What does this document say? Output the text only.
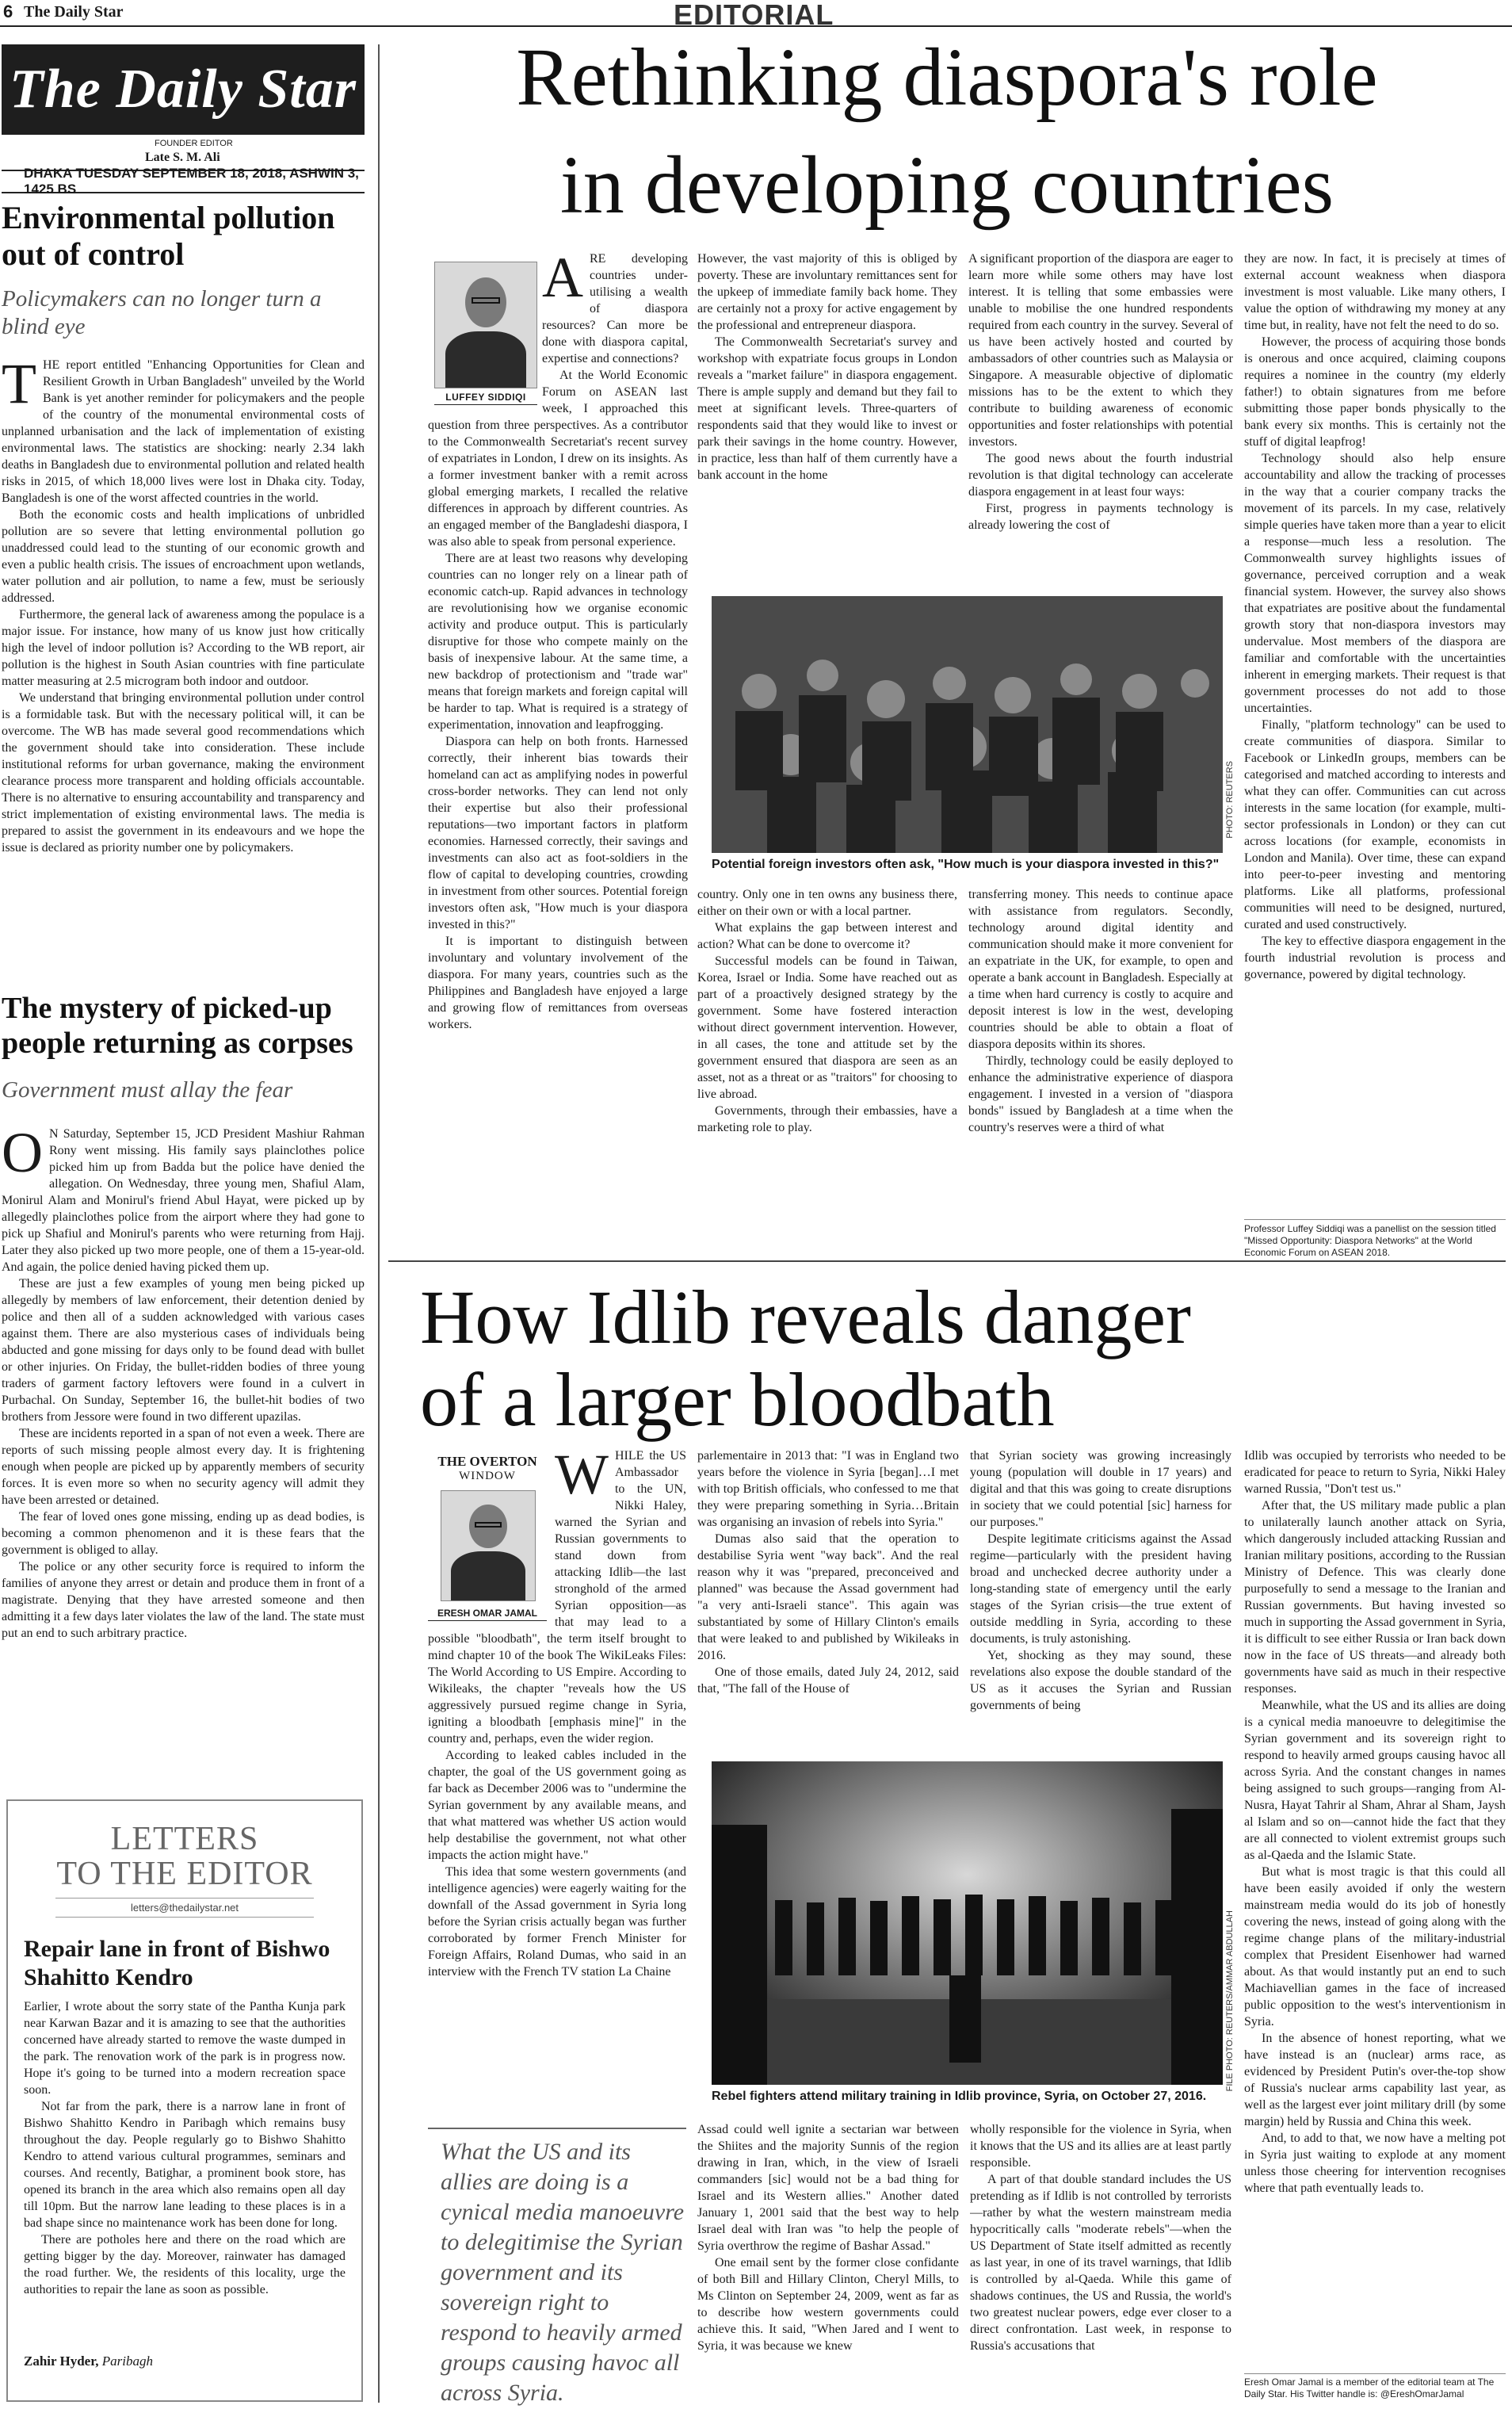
6 The Daily Star	EDITORIAL
The Daily Star
FOUNDER EDITOR
Late S. M. Ali
DHAKA TUESDAY SEPTEMBER 18, 2018, ASHWIN 3, 1425 BS
Environmental pollution out of control
Policymakers can no longer turn a blind eye
T HE report entitled "Enhancing Opportunities for Clean and Resilient Growth in Urban Bangladesh" unveiled by the World Bank is yet another reminder for policymakers and the people of the country of the monumental environmental costs of unplanned urbanisation and the lack of implementation of existing environmental laws. The statistics are shocking: nearly 2.34 lakh deaths in Bangladesh due to environmental pollution and related health risks in 2015, of which 18,000 lives were lost in Dhaka city. Today, Bangladesh is one of the worst affected countries in the world.

Both the economic costs and health implications of unbridled pollution are so severe that letting environmental pollution go unaddressed could lead to the stunting of our economic growth and even a public health crisis. The issues of encroachment upon wetlands, water pollution and air pollution, to name a few, must be seriously addressed.

Furthermore, the general lack of awareness among the populace is a major issue. For instance, how many of us know just how critically high the level of indoor pollution is? According to the WB report, air pollution is the highest in South Asian countries with fine particulate matter measuring at 2.5 microgram both indoor and outdoor.

We understand that bringing environmental pollution under control is a formidable task. But with the necessary political will, it can be overcome. The WB has made several good recommendations which the government should take into consideration. These include institutional reforms for urban governance, making the environment clearance process more transparent and holding officials accountable. There is no alternative to ensuring accountability and transparency and strict implementation of existing environmental laws. The media is prepared to assist the government in its endeavours and we hope the issue is declared as priority number one by policymakers.

The mystery of picked-up people returning as corpses
Government must allay the fear
O N Saturday, September 15, JCD President Mashiur Rahman Rony went missing. His family says plainclothes police picked him up from Badda but the police have denied the allegation. On Wednesday, three young men, Shafiul Alam, Monirul Alam and Monirul's friend Abul Hayat, were picked up by allegedly plainclothes police from the airport where they had gone to pick up Shafiul and Monirul's parents who were returning from Hajj. Later they also picked up two more people, one of them a 15-year-old. And again, the police denied having picked them up.

These are just a few examples of young men being picked up allegedly by members of law enforcement, their detention denied by police and then all of a sudden acknowledged with various cases against them. There are also mysterious cases of individuals being abducted and gone missing for days only to be found dead with bullet or other injuries. On Friday, the bullet-ridden bodies of three young traders of garment factory leftovers were found in a culvert in Purbachal. On Sunday, September 16, the bullet-hit bodies of two brothers from Jessore were found in two different upazilas.

These are incidents reported in a span of not even a week. There are reports of such missing people almost every day. It is frightening enough when people are picked up by apparently members of security forces. It is even more so when no security agency will admit they have been arrested or detained.

The fear of loved ones gone missing, ending up as dead bodies, is becoming a common phenomenon and it is these fears that the government is obliged to allay.

The police or any other security force is required to inform the families of anyone they arrest or detain and produce them in front of a magistrate. Denying that they have arrested someone and then admitting it a few days later violates the law of the land. The state must put an end to such arbitrary practice.

LETTERS
TO THE EDITOR
letters@thedailystar.net
Repair lane in front of Bishwo Shahitto Kendro

Earlier, I wrote about the sorry state of the Pantha Kunja park near Karwan Bazar and it is amazing to see that the authorities concerned have already started to remove the waste dumped in the park. The renovation work of the park is in progress now. Hope it's going to be turned into a modern recreation space soon.

Not far from the park, there is a narrow lane in front of Bishwo Shahitto Kendro in Paribagh which remains busy throughout the day. People regularly go to Bishwo Shahitto Kendro to attend various cultural programmes, seminars and courses. And recently, Batighar, a prominent book store, has opened its branch in the area which also remains open all day till 10pm. But the narrow lane leading to these places is in a bad shape since no maintenance work has been done for long.

There are potholes here and there on the road which are getting bigger by the day. Moreover, rainwater has damaged the road further. We, the residents of this locality, urge the authorities to repair the lane as soon as possible.

Zahir Hyder, Paribagh
Rethinking diaspora's role
in developing countries
LUFFEY SIDDIQI
A RE developing countries under-utilising a wealth of diaspora resources? Can more be done with diaspora capital, expertise and connections?

At the World Economic Forum on ASEAN last week, I approached this question from three perspectives. As a contributor to the Commonwealth Secretariat's recent survey of expatriates in London, I drew on its insights. As a former investment banker with a remit across global emerging markets, I recalled the relative differences in approach by different countries. As an engaged member of the Bangladeshi diaspora, I was also able to speak from personal experience.

There are at least two reasons why developing countries can no longer rely on a linear path of economic catch-up. Rapid advances in technology are revolutionising how we organise economic activity and produce output. This is particularly disruptive for those who compete mainly on the basis of inexpensive labour. At the same time, a new backdrop of protectionism and "trade war" means that foreign markets and foreign capital will be harder to tap. What is required is a strategy of experimentation, innovation and leapfrogging.

Diaspora can help on both fronts. Harnessed correctly, their inherent bias towards their homeland can act as amplifying nodes in powerful cross-border networks. They can lend not only their expertise but also their professional reputations—two important factors in platform economies. Harnessed correctly, their savings and investments can also act as foot-soldiers in the flow of capital to developing countries, crowding in investment from other sources. Potential foreign investors often ask, "How much is your diaspora invested in this?"

It is important to distinguish between involuntary and voluntary involvement of the diaspora. For many years, countries such as the Philippines and Bangladesh have enjoyed a large and growing flow of remittances from overseas workers.

However, the vast majority of this is obliged by poverty. These are involuntary remittances sent for the upkeep of immediate family back home. They are certainly not a proxy for active engagement by the professional and entrepreneur diaspora.

The Commonwealth Secretariat's survey and workshop with expatriate focus groups in London reveals a "market failure" in diaspora engagement. There is ample supply and demand but they fail to meet at significant levels. Three-quarters of respondents said that they would like to invest or park their savings in the home country. However, in practice, less than half of them currently have a bank account in the home

A significant proportion of the diaspora are eager to learn more while some others may have lost interest. It is telling that some embassies were unable to mobilise the one hundred respondents required from each country in the survey. Several of us have been actively hosted and courted by ambassadors of other countries such as Malaysia or Singapore. A measurable objective of diplomatic missions has to be the extent to which they contribute to building awareness of economic opportunities and foster relationships with potential investors.

The good news about the fourth industrial revolution is that digital technology can accelerate diaspora engagement in at least four ways:

First, progress in payments technology is already lowering the cost of

PHOTO: REUTERS
Potential foreign investors often ask, "How much is your diaspora invested in this?"

country. Only one in ten owns any business there, either on their own or with a local partner.

What explains the gap between interest and action? What can be done to overcome it?

Successful models can be found in Taiwan, Korea, Israel or India. Some have reached out as part of a proactively designed strategy by the government. Some have fostered interaction without direct government intervention. However, in all cases, the tone and attitude set by the government ensured that diaspora are seen as an asset, not as a threat or as "traitors" for choosing to live abroad.

Governments, through their embassies, have a marketing role to play.

transferring money. This needs to continue apace with assistance from regulators. Secondly, technology around digital identity and communication should make it more convenient for an expatriate in the UK, for example, to open and operate a bank account in Bangladesh. Especially at a time when hard currency is costly to acquire and deposit interest is low in the west, developing countries should be able to obtain a float of diaspora deposits within its shores.

Thirdly, technology could be easily deployed to enhance the administrative experience of diaspora engagement. I invested in a version of "diaspora bonds" issued by Bangladesh at a time when the country's reserves were a third of what

they are now. In fact, it is precisely at times of external account weakness when diaspora investment is most valuable. Like many others, I value the option of withdrawing my money at any time but, in reality, have not felt the need to do so.

However, the process of acquiring those bonds is onerous and once acquired, claiming coupons requires a nominee in the country (my elderly father!) to obtain signatures from me before submitting those paper bonds physically to the bank every six months. This is certainly not the stuff of digital leapfrog!

Technology should also help ensure accountability and allow the tracking of processes in the way that a courier company tracks the movement of its parcels. In my case, relatively simple queries have taken more than a year to elicit a response—much less a resolution. The Commonwealth survey highlights issues of governance, perceived corruption and a weak financial system. However, the survey also shows that expatriates are positive about the fundamental growth story that non-diaspora investors may undervalue. Most members of the diaspora are familiar and comfortable with the uncertainties inherent in emerging markets. Their request is that government processes do not add to those uncertainties.

Finally, "platform technology" can be used to create communities of diaspora. Similar to Facebook or LinkedIn groups, members can be categorised and matched according to interests and what they can offer. Communities can cut across interests in the same location (for example, multi-sector professionals in London) or they can cut across locations (for example, economists in London and Manila). Over time, these can expand into peer-to-peer investing and mentoring platforms. Like all platforms, professional communities will need to be designed, nurtured, curated and used constructively.

The key to effective diaspora engagement in the fourth industrial revolution is process and governance, powered by digital technology.

Professor Luffey Siddiqi was a panellist on the session titled "Missed Opportunity: Diaspora Networks" at the World Economic Forum on ASEAN 2018.
How Idlib reveals danger
of a larger bloodbath
THE OVERTON
WINDOW
ERESH OMAR JAMAL
W HILE the US Ambassador to the UN, Nikki Haley, warned the Syrian and Russian governments to stand down from attacking Idlib—the last stronghold of the armed Syrian opposition—as that may lead to a possible "bloodbath", the term itself brought to mind chapter 10 of the book The WikiLeaks Files: The World According to US Empire. According to Wikileaks, the chapter "reveals how the US aggressively pursued regime change in Syria, igniting a bloodbath [emphasis mine]" in the country and, perhaps, even the wider region.

According to leaked cables included in the chapter, the goal of the US government going as far back as December 2006 was to "undermine the Syrian government by any available means, and that what mattered was whether US action would help destabilise the government, not what other impacts the action might have."

This idea that some western governments (and intelligence agencies) were eagerly waiting for the downfall of the Assad government in Syria long before the Syrian crisis actually began was further corroborated by former French Minister for Foreign Affairs, Roland Dumas, who said in an interview with the French TV station La Chaine

What the US and its allies are doing is a cynical media manoeuvre to delegitimise the Syrian government and its sovereign right to respond to heavily armed groups causing havoc all across Syria.

parlementaire in 2013 that: "I was in England two years before the violence in Syria [began]…I met with top British officials, who confessed to me that they were preparing something in Syria…Britain was organising an invasion of rebels into Syria."

Dumas also said that the operation to destabilise Syria went "way back". And the real reason why it was "prepared, preconceived and planned" was because the Assad government had "a very anti-Israeli stance". This again was substantiated by some of Hillary Clinton's emails that were leaked to and published by Wikileaks in 2016.

One of those emails, dated July 24, 2012, said that, "The fall of the House of

that Syrian society was growing increasingly young (population will double in 17 years) and digital and that this was going to create disruptions in society that we could potential [sic] harness for our purposes."

Despite legitimate criticisms against the Assad regime—particularly with the president having broad and unchecked decree authority under a long-standing state of emergency until the early stages of the Syrian crisis—the true extent of outside meddling in Syria, according to these documents, is truly astonishing.

Yet, shocking as they may sound, these revelations also expose the double standard of the US as it accuses the Syrian and Russian governments of being

FILE PHOTO: REUTERS/AMMAR ABDULLAH
Rebel fighters attend military training in Idlib province, Syria, on October 27, 2016.

Assad could well ignite a sectarian war between the Shiites and the majority Sunnis of the region drawing in Iran, which, in the view of Israeli commanders [sic] would not be a bad thing for Israel and its Western allies." Another dated January 1, 2001 said that the best way to help Israel deal with Iran was "to help the people of Syria overthrow the regime of Bashar Assad."

One email sent by the former close confidante of both Bill and Hillary Clinton, Cheryl Mills, to Ms Clinton on September 24, 2009, went as far as to describe how western governments could achieve this. It said, "When Jared and I went to Syria, it was because we knew

wholly responsible for the violence in Syria, when it knows that the US and its allies are at least partly responsible.

A part of that double standard includes the US pretending as if Idlib is not controlled by terrorists—rather by what the western mainstream media hypocritically calls "moderate rebels"—when the US Department of State itself admitted as recently as last year, in one of its travel warnings, that Idlib is controlled by al-Qaeda. While this game of shadows continues, the US and Russia, the world's two greatest nuclear powers, edge ever closer to a direct confrontation. Last week, in response to Russia's accusations that

Idlib was occupied by terrorists who needed to be eradicated for peace to return to Syria, Nikki Haley warned Russia, "Don't test us."

After that, the US military made public a plan to unilaterally launch another attack on Syria, which dangerously included attacking Russian and Iranian military positions, according to the Russian Ministry of Defence. This was clearly done purposefully to send a message to the Iranian and Russian governments. But having invested so much in supporting the Assad government in Syria, it is difficult to see either Russia or Iran back down now in the face of US threats—and already both governments have said as much in their respective responses.

Meanwhile, what the US and its allies are doing is a cynical media manoeuvre to delegitimise the Syrian government and its sovereign right to respond to heavily armed groups causing havoc all across Syria. And the constant changes in names being assigned to such groups—ranging from Al-Nusra, Hayat Tahrir al Sham, Ahrar al Sham, Jaysh al Islam and so on—cannot hide the fact that they are all connected to violent extremist groups such as al-Qaeda and the Islamic State.

But what is most tragic is that this could all have been easily avoided if only the western mainstream media would do its job of honestly covering the news, instead of going along with the regime change plans of the military-industrial complex that President Eisenhower had warned about. As that would instantly put an end to such Machiavellian games in the face of increased public opposition to the west's interventionism in Syria.

In the absence of honest reporting, what we have instead is an (nuclear) arms race, as evidenced by President Putin's over-the-top show of Russia's nuclear arms capability last year, as well as the largest ever joint military drill (by some margin) held by Russia and China this week.

And, to add to that, we now have a melting pot in Syria just waiting to explode at any moment unless those cheering for intervention recognises where that path eventually leads to.

Eresh Omar Jamal is a member of the editorial team at The Daily Star. His Twitter handle is: @EreshOmarJamal
